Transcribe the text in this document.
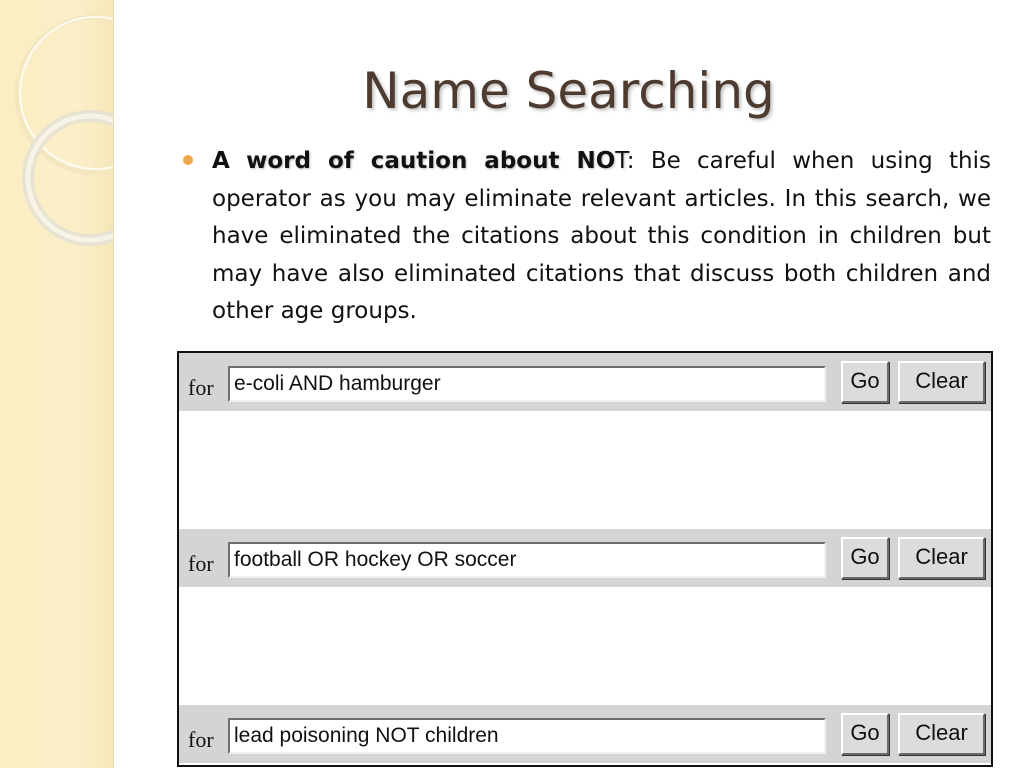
Name Searching
A word of caution about NOT: Be careful when using this operator as you may eliminate relevant articles. In this search, we have eliminated the citations about this condition in children but may have also eliminated citations that discuss both children and other age groups.
for e-coli AND hamburger	Go	Clear
for football OR hockey OR soccer	Go	Clear
for lead poisoning NOT children	Go	Clear
